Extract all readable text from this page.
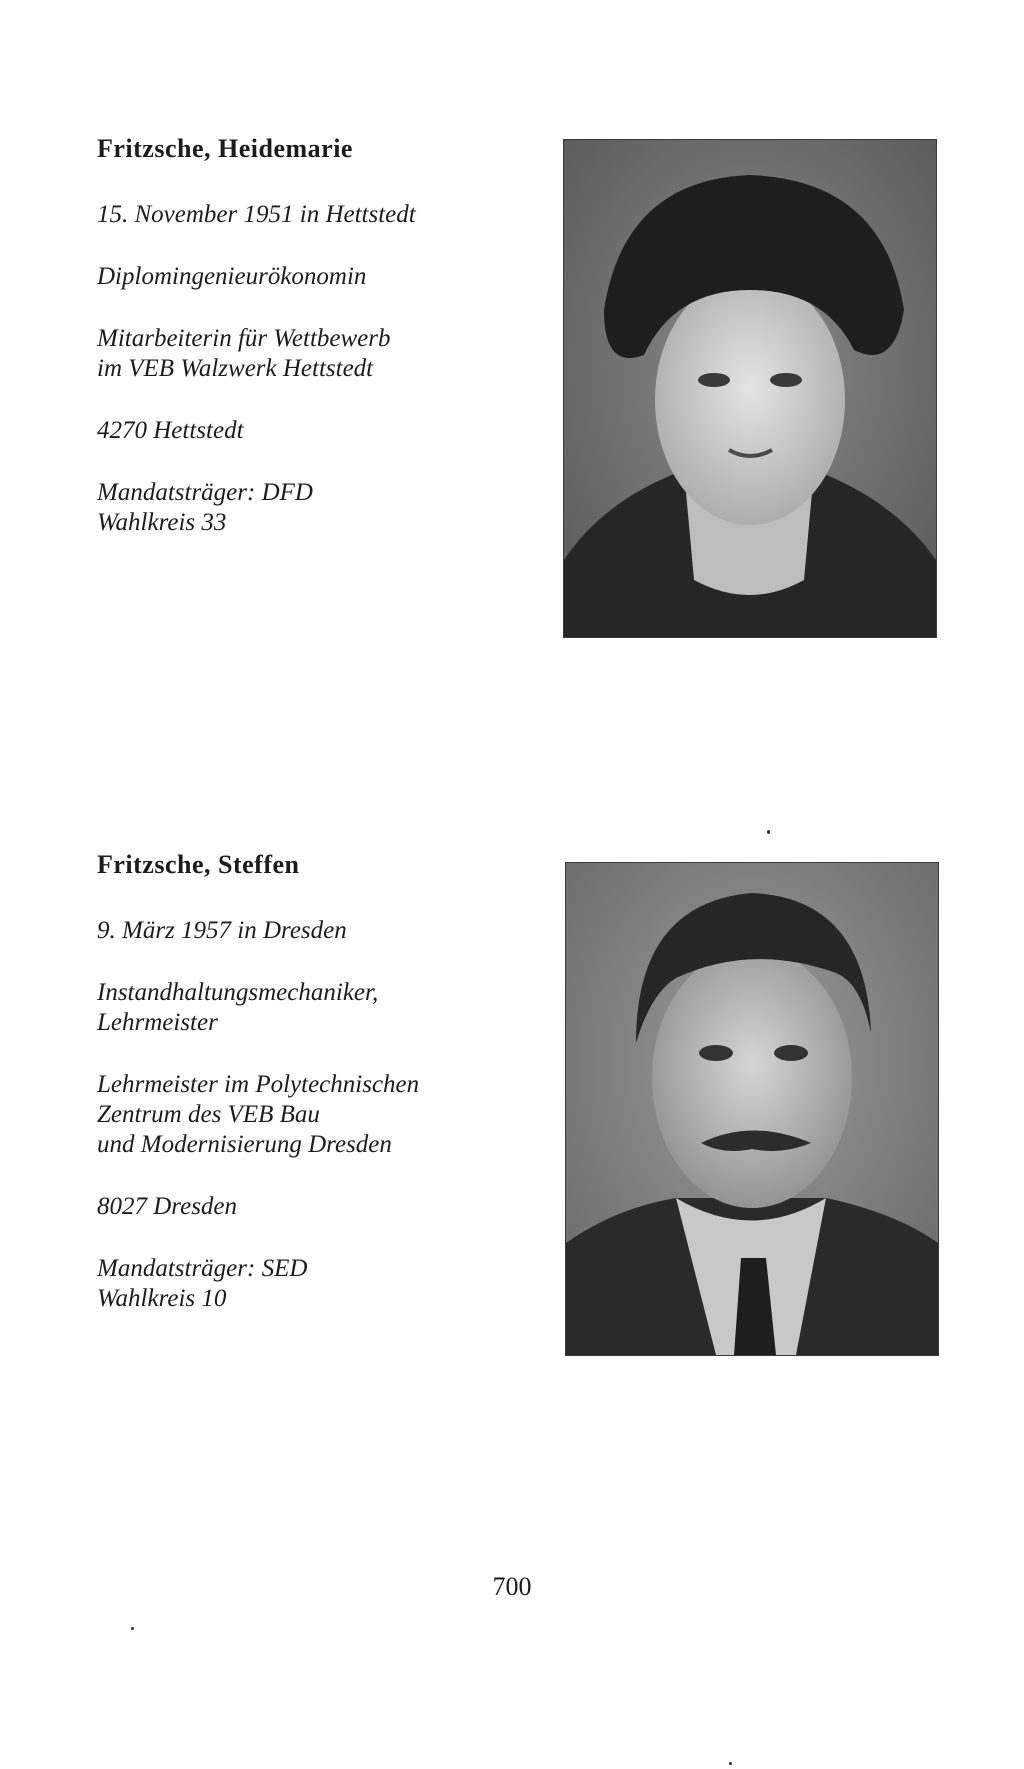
Fritzsche, Heidemarie

15. November 1951 in Hettstedt

Diplomingenieurökonomin

Mitarbeiterin für Wettbewerb

im VEB Walzwerk Hettstedt

4270 Hettstedt

Mandatsträger: DFD

Wahlkreis 33

Fritzsche, Steffen

9. März 1957 in Dresden

Instandhaltungsmechaniker,

Lehrmeister

Lehrmeister im Polytechnischen

Zentrum des VEB Bau

und Modernisierung Dresden

8027 Dresden

Mandatsträger: SED

Wahlkreis 10

700
